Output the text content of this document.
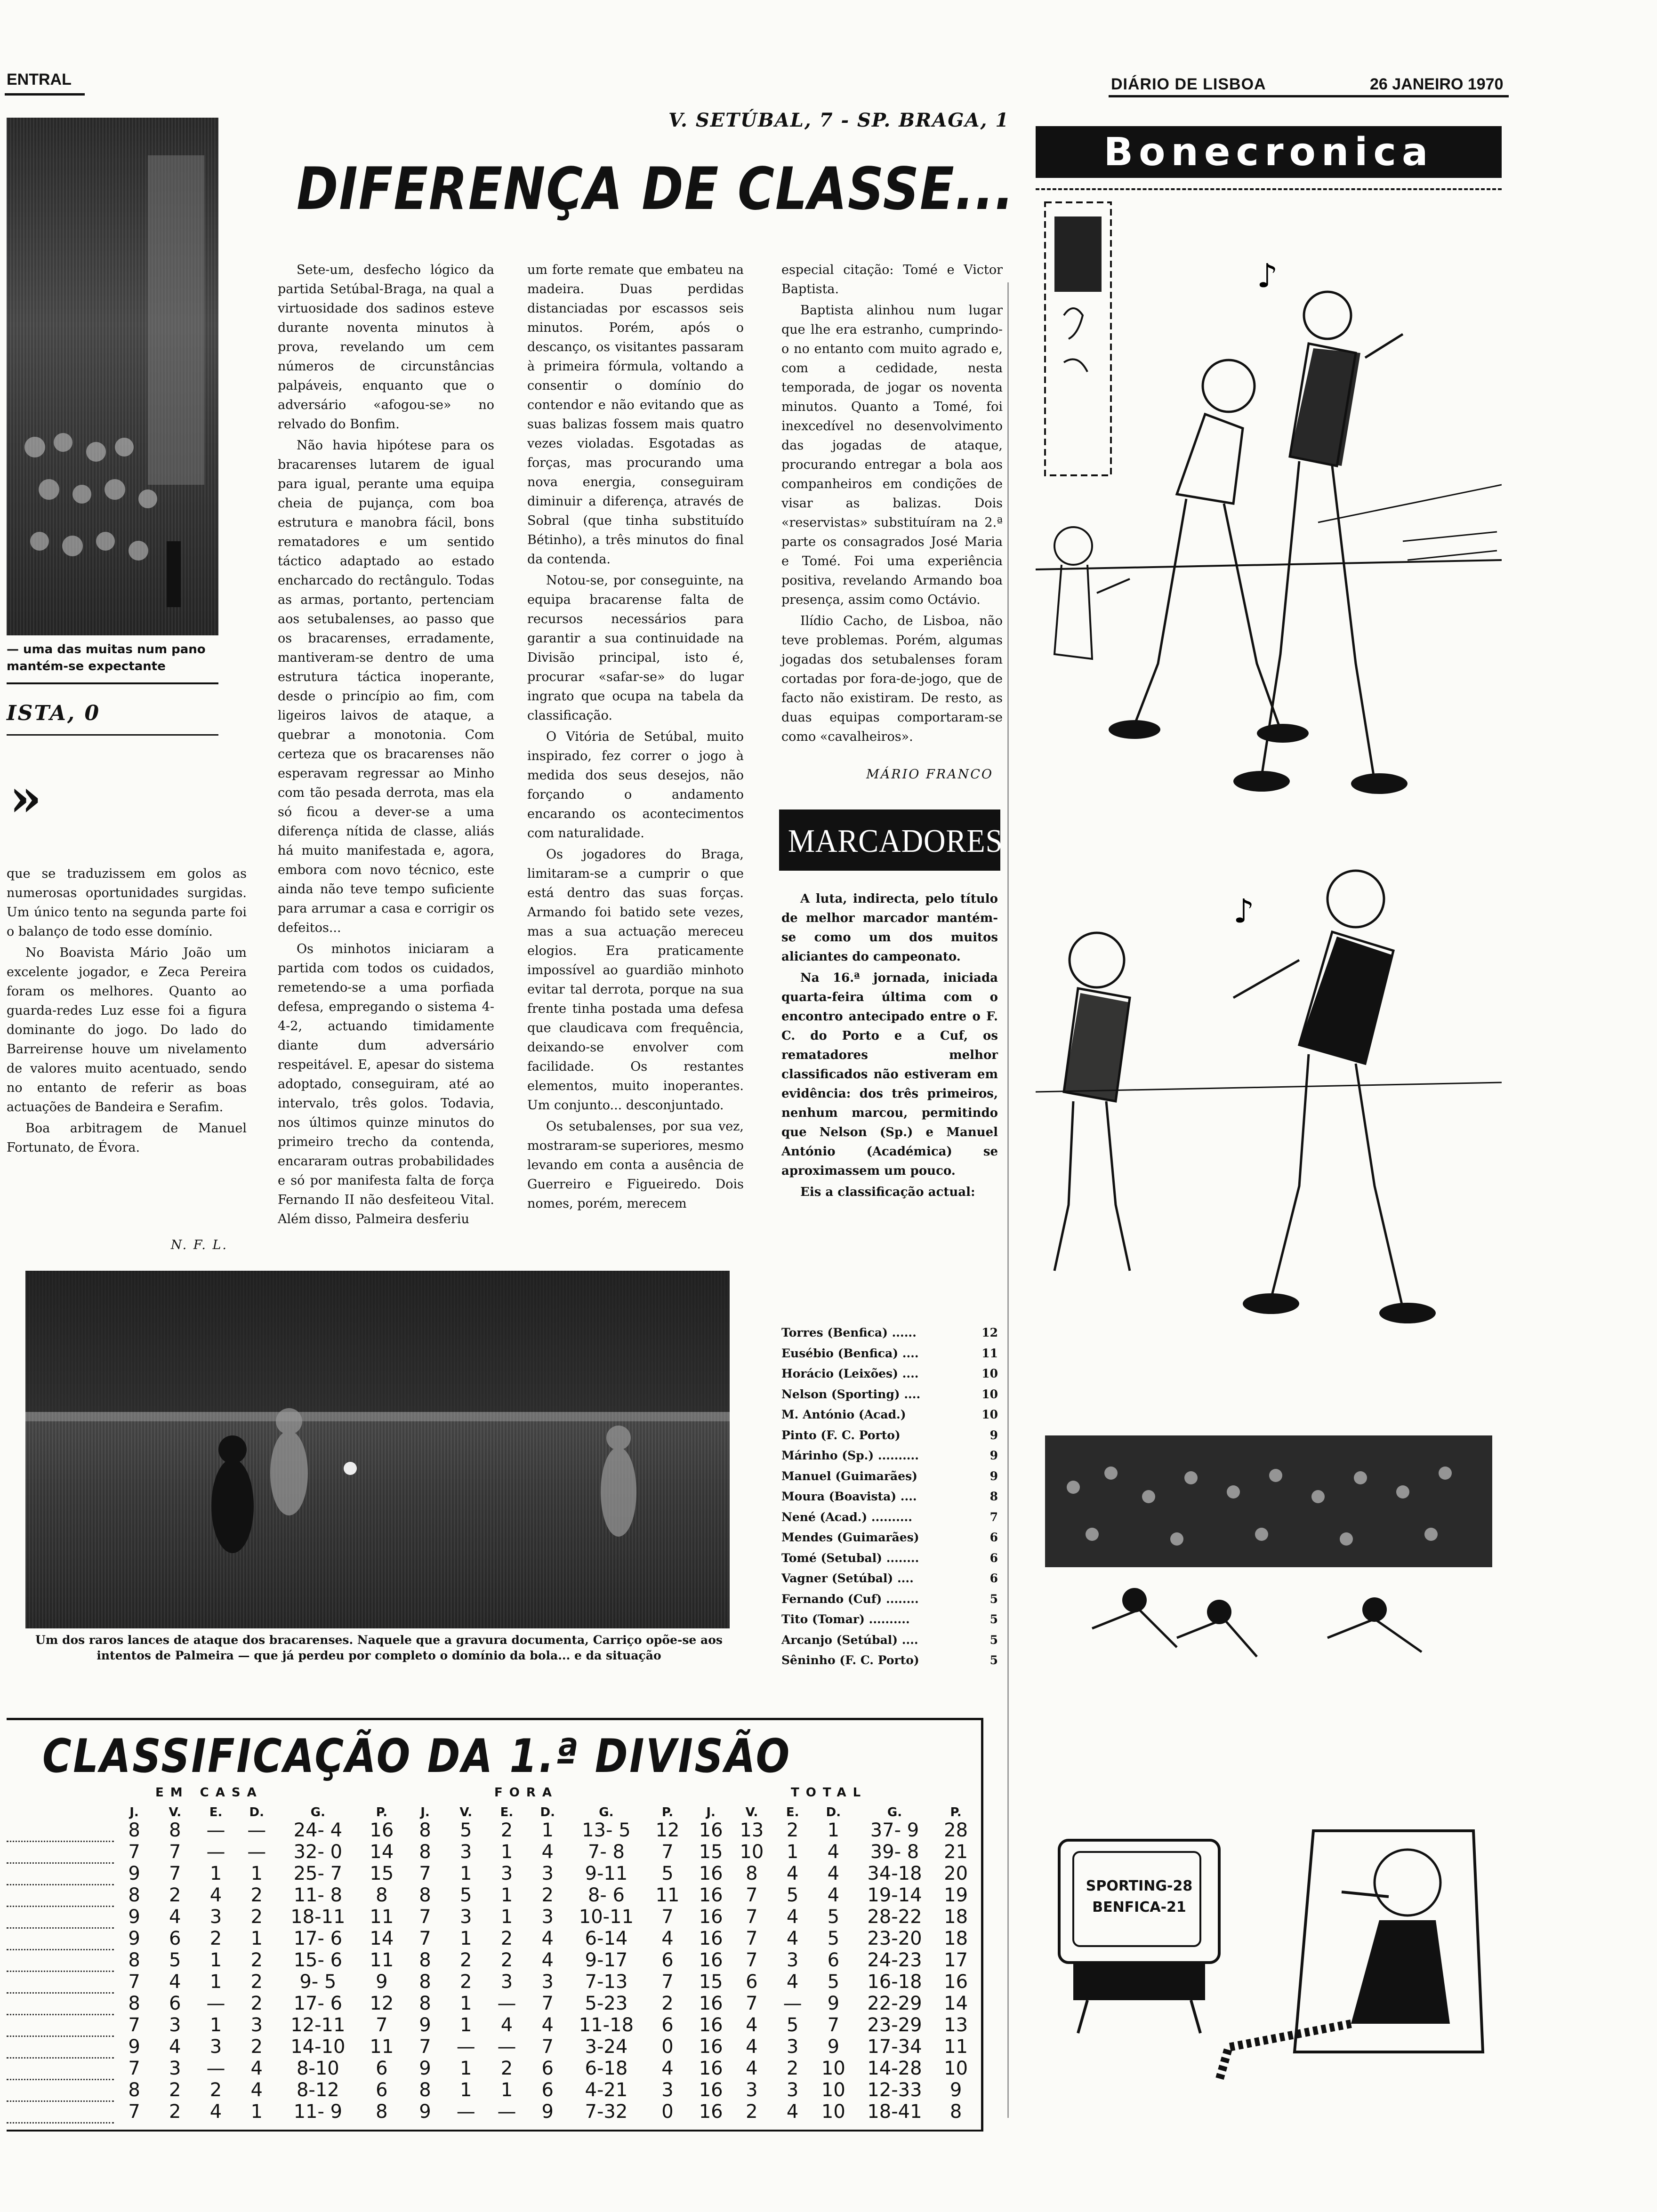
ENTRAL	DIÁRIO DE LISBOA	26 JANEIRO 1970
— uma das muitas num pano mantém-se expectante
ISTA, 0
»

que se traduzissem em golos as numerosas oportunidades surgidas. Um único tento na segunda parte foi o balanço de todo esse domínio.

No Boavista Mário João um excelente jogador, e Zeca Pereira foram os melhores. Quanto ao guarda-redes Luz esse foi a figura dominante do jogo. Do lado do Barreirense houve um nivelamento de valores muito acentuado, sendo no entanto de referir as boas actuações de Bandeira e Serafim.

Boa arbitragem de Manuel Fortunato, de Évora.

N. F. L.
V. SETÚBAL, 7 - SP. BRAGA, 1
DIFERENÇA DE CLASSE...

Sete-um, desfecho lógico da partida Setúbal-Braga, na qual a virtuosidade dos sadinos esteve durante noventa minutos à prova, revelando um cem números de circunstâncias palpáveis, enquanto que o adversário «afogou-se» no relvado do Bonfim.

Não havia hipótese para os bracarenses lutarem de igual para igual, perante uma equipa cheia de pujança, com boa estrutura e manobra fácil, bons rematadores e um sentido táctico adaptado ao estado encharcado do rectângulo. Todas as armas, portanto, pertenciam aos setubalenses, ao passo que os bracarenses, erradamente, mantiveram-se dentro de uma estrutura táctica inoperante, desde o princípio ao fim, com ligeiros laivos de ataque, a quebrar a monotonia. Com certeza que os bracarenses não esperavam regressar ao Minho com tão pesada derrota, mas ela só ficou a dever-se a uma diferença nítida de classe, aliás há muito manifestada e, agora, embora com novo técnico, este ainda não teve tempo suficiente para arrumar a casa e corrigir os defeitos...

Os minhotos iniciaram a partida com todos os cuidados, remetendo-se a uma porfiada defesa, empregando o sistema 4-4-2, actuando timidamente diante dum adversário respeitável. E, apesar do sistema adoptado, conseguiram, até ao intervalo, três golos. Todavia, nos últimos quinze minutos do primeiro trecho da contenda, encararam outras probabilidades e só por manifesta falta de força Fernando II não desfeiteou Vital. Além disso, Palmeira desferiu

um forte remate que embateu na madeira. Duas perdidas distanciadas por escassos seis minutos. Porém, após o descanço, os visitantes passaram à primeira fórmula, voltando a consentir o domínio do contendor e não evitando que as suas balizas fossem mais quatro vezes violadas. Esgotadas as forças, mas procurando uma nova energia, conseguiram diminuir a diferença, através de Sobral (que tinha substituído Bétinho), a três minutos do final da contenda.

Notou-se, por conseguinte, na equipa bracarense falta de recursos necessários para garantir a sua continuidade na Divisão principal, isto é, procurar «safar-se» do lugar ingrato que ocupa na tabela da classificação.

O Vitória de Setúbal, muito inspirado, fez correr o jogo à medida dos seus desejos, não forçando o andamento encarando os acontecimentos com naturalidade.

Os jogadores do Braga, limitaram-se a cumprir o que está dentro das suas forças. Armando foi batido sete vezes, mas a sua actuação mereceu elogios. Era praticamente impossível ao guardião minhoto evitar tal derrota, porque na sua frente tinha postada uma defesa que claudicava com frequência, deixando-se envolver com facilidade. Os restantes elementos, muito inoperantes. Um conjunto... desconjuntado.

Os setubalenses, por sua vez, mostraram-se superiores, mesmo levando em conta a ausência de Guerreiro e Figueiredo. Dois nomes, porém, merecem

especial citação: Tomé e Victor Baptista.

Baptista alinhou num lugar que lhe era estranho, cumprindo-o no entanto com muito agrado e, com a cedidade, nesta temporada, de jogar os noventa minutos. Quanto a Tomé, foi inexcedível no desenvolvimento das jogadas de ataque, procurando entregar a bola aos companheiros em condições de visar as balizas. Dois «reservistas» substituíram na 2.ª parte os consagrados José Maria e Tomé. Foi uma experiência positiva, revelando Armando boa presença, assim como Octávio.

Ilídio Cacho, de Lisboa, não teve problemas. Porém, algumas jogadas dos setubalenses foram cortadas por fora-de-jogo, que de facto não existiram. De resto, as duas equipas comportaram-se como «cavalheiros».

MÁRIO FRANCO
Um dos raros lances de ataque dos bracarenses. Naquele que a gravura documenta, Carriço opõe-se aos intentos de Palmeira — que já perdeu por completo o domínio da bola... e da situação
MARCADORES

A luta, indirecta, pelo título de melhor marcador mantém-se como um dos muitos aliciantes do campeonato.

Na 16.ª jornada, iniciada quarta-feira última com o encontro antecipado entre o F. C. do Porto e a Cuf, os rematadores melhor classificados não estiveram em evidência: dos três primeiros, nenhum marcou, permitindo que Nelson (Sp.) e Manuel António (Académica) se aproximassem um pouco.

Eis a classificação actual:

Torres (Benfica) ......	12
Eusébio (Benfica) ....	11
Horácio (Leixões) ....	10
Nelson (Sporting) ....	10
M. António (Acad.)	10
Pinto (F. C. Porto)	9
Márinho (Sp.) ..........	9
Manuel (Guimarães)	9
Moura (Boavista) ....	8
Nené (Acad.) ..........	7
Mendes (Guimarães)	6
Tomé (Setubal) ........	6
Vagner (Setúbal) ....	6
Fernando (Cuf) ........	5
Tito (Tomar) ..........	5
Arcanjo (Setúbal) ....	5
Sêninho (F. C. Porto)	5
Bonecronica
♪
♪
SPORTING-28
BENFICA-21
CLASSIFICAÇÃO DA 1.ª DIVISÃO
EM CASA	FORA	TOTAL
	J.	V.	E.	D.	G.	P.	J.	V.	E.	D.	G.	P.	J.	V.	E.	D.	G.	P.
	8	8	—	—	24- 4	16	8	5	2	1	13- 5	12	16	13	2	1	37- 9	28
	7	7	—	—	32- 0	14	8	3	1	4	7- 8	7	15	10	1	4	39- 8	21
	9	7	1	1	25- 7	15	7	1	3	3	9-11	5	16	8	4	4	34-18	20
	8	2	4	2	11- 8	8	8	5	1	2	8- 6	11	16	7	5	4	19-14	19
	9	4	3	2	18-11	11	7	3	1	3	10-11	7	16	7	4	5	28-22	18
	9	6	2	1	17- 6	14	7	1	2	4	6-14	4	16	7	4	5	23-20	18
	8	5	1	2	15- 6	11	8	2	2	4	9-17	6	16	7	3	6	24-23	17
	7	4	1	2	9- 5	9	8	2	3	3	7-13	7	15	6	4	5	16-18	16
	8	6	—	2	17- 6	12	8	1	—	7	5-23	2	16	7	—	9	22-29	14
	7	3	1	3	12-11	7	9	1	4	4	11-18	6	16	4	5	7	23-29	13
	9	4	3	2	14-10	11	7	—	—	7	3-24	0	16	4	3	9	17-34	11
	7	3	—	4	8-10	6	9	1	2	6	6-18	4	16	4	2	10	14-28	10
	8	2	2	4	8-12	6	8	1	1	6	4-21	3	16	3	3	10	12-33	9
	7	2	4	1	11- 9	8	9	—	—	9	7-32	0	16	2	4	10	18-41	8
